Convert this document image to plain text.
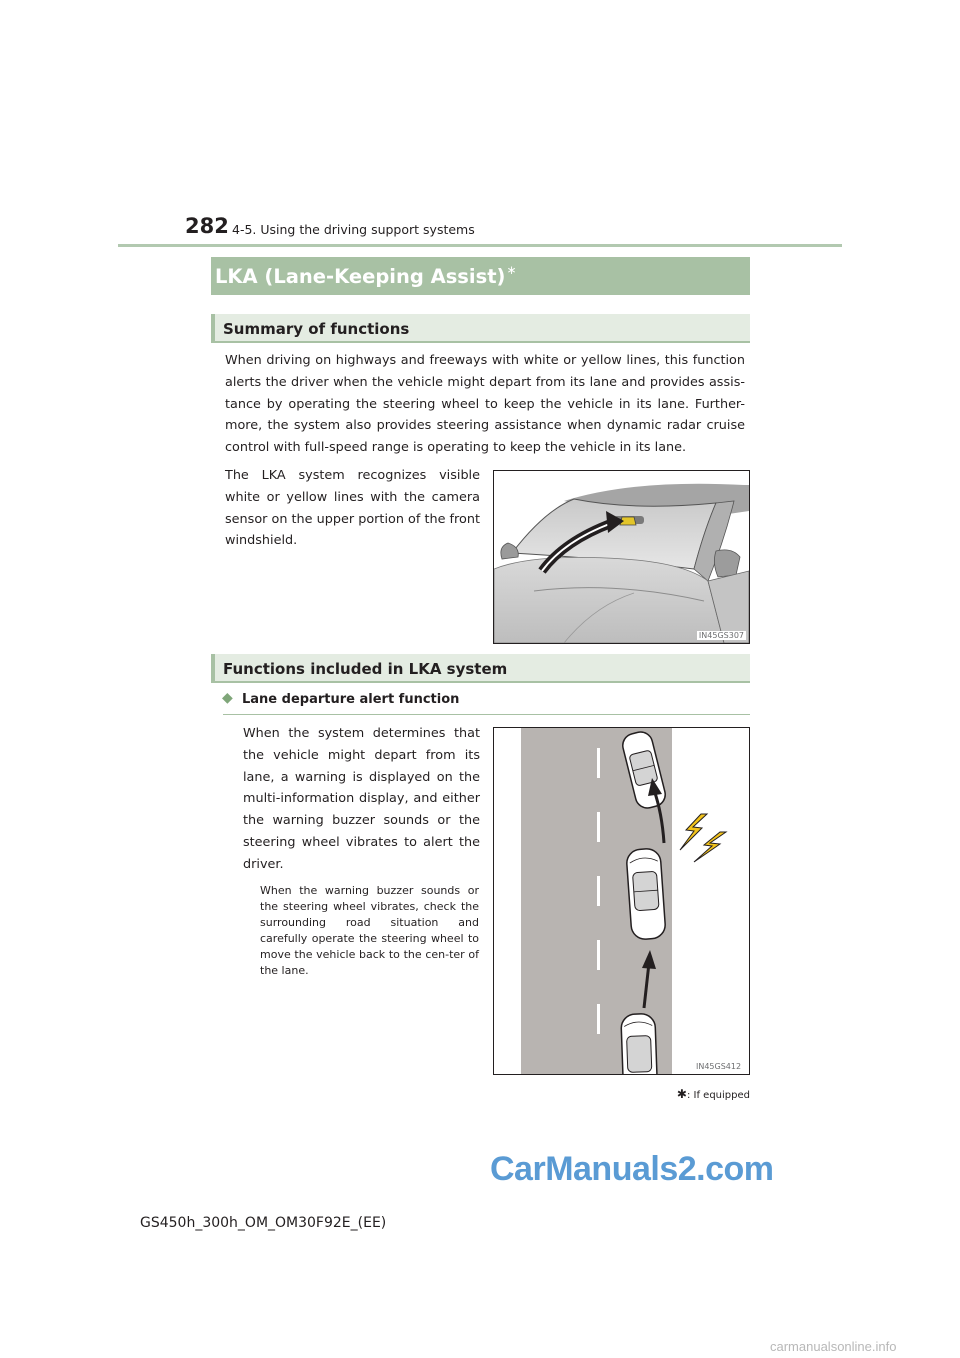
282 4-5. Using the driving support systems
LKA (Lane-Keeping Assist)∗
Summary of functions
When driving on highways and freeways with white or yellow lines, this function alerts the driver when the vehicle might depart from its lane and provides assis-tance by operating the steering wheel to keep the vehicle in its lane. Further-more, the system also provides steering assistance when dynamic radar cruise control with full-speed range is operating to keep the vehicle in its lane.
The LKA system recognizes visible white or yellow lines with the camera sensor on the upper portion of the front windshield.
IN45GS307
Functions included in LKA system
◆ Lane departure alert function
When the system determines that the vehicle might depart from its lane, a warning is displayed on the multi-information display, and either the warning buzzer sounds or the steering wheel vibrates to alert the driver.
When the warning buzzer sounds or the steering wheel vibrates, check the surrounding road situation and carefully operate the steering wheel to move the vehicle back to the cen-ter of the lane.
IN45GS412
✱: If equipped
CarManuals2.com
GS450h_300h_OM_OM30F92E_(EE)
carmanualsonline.info
